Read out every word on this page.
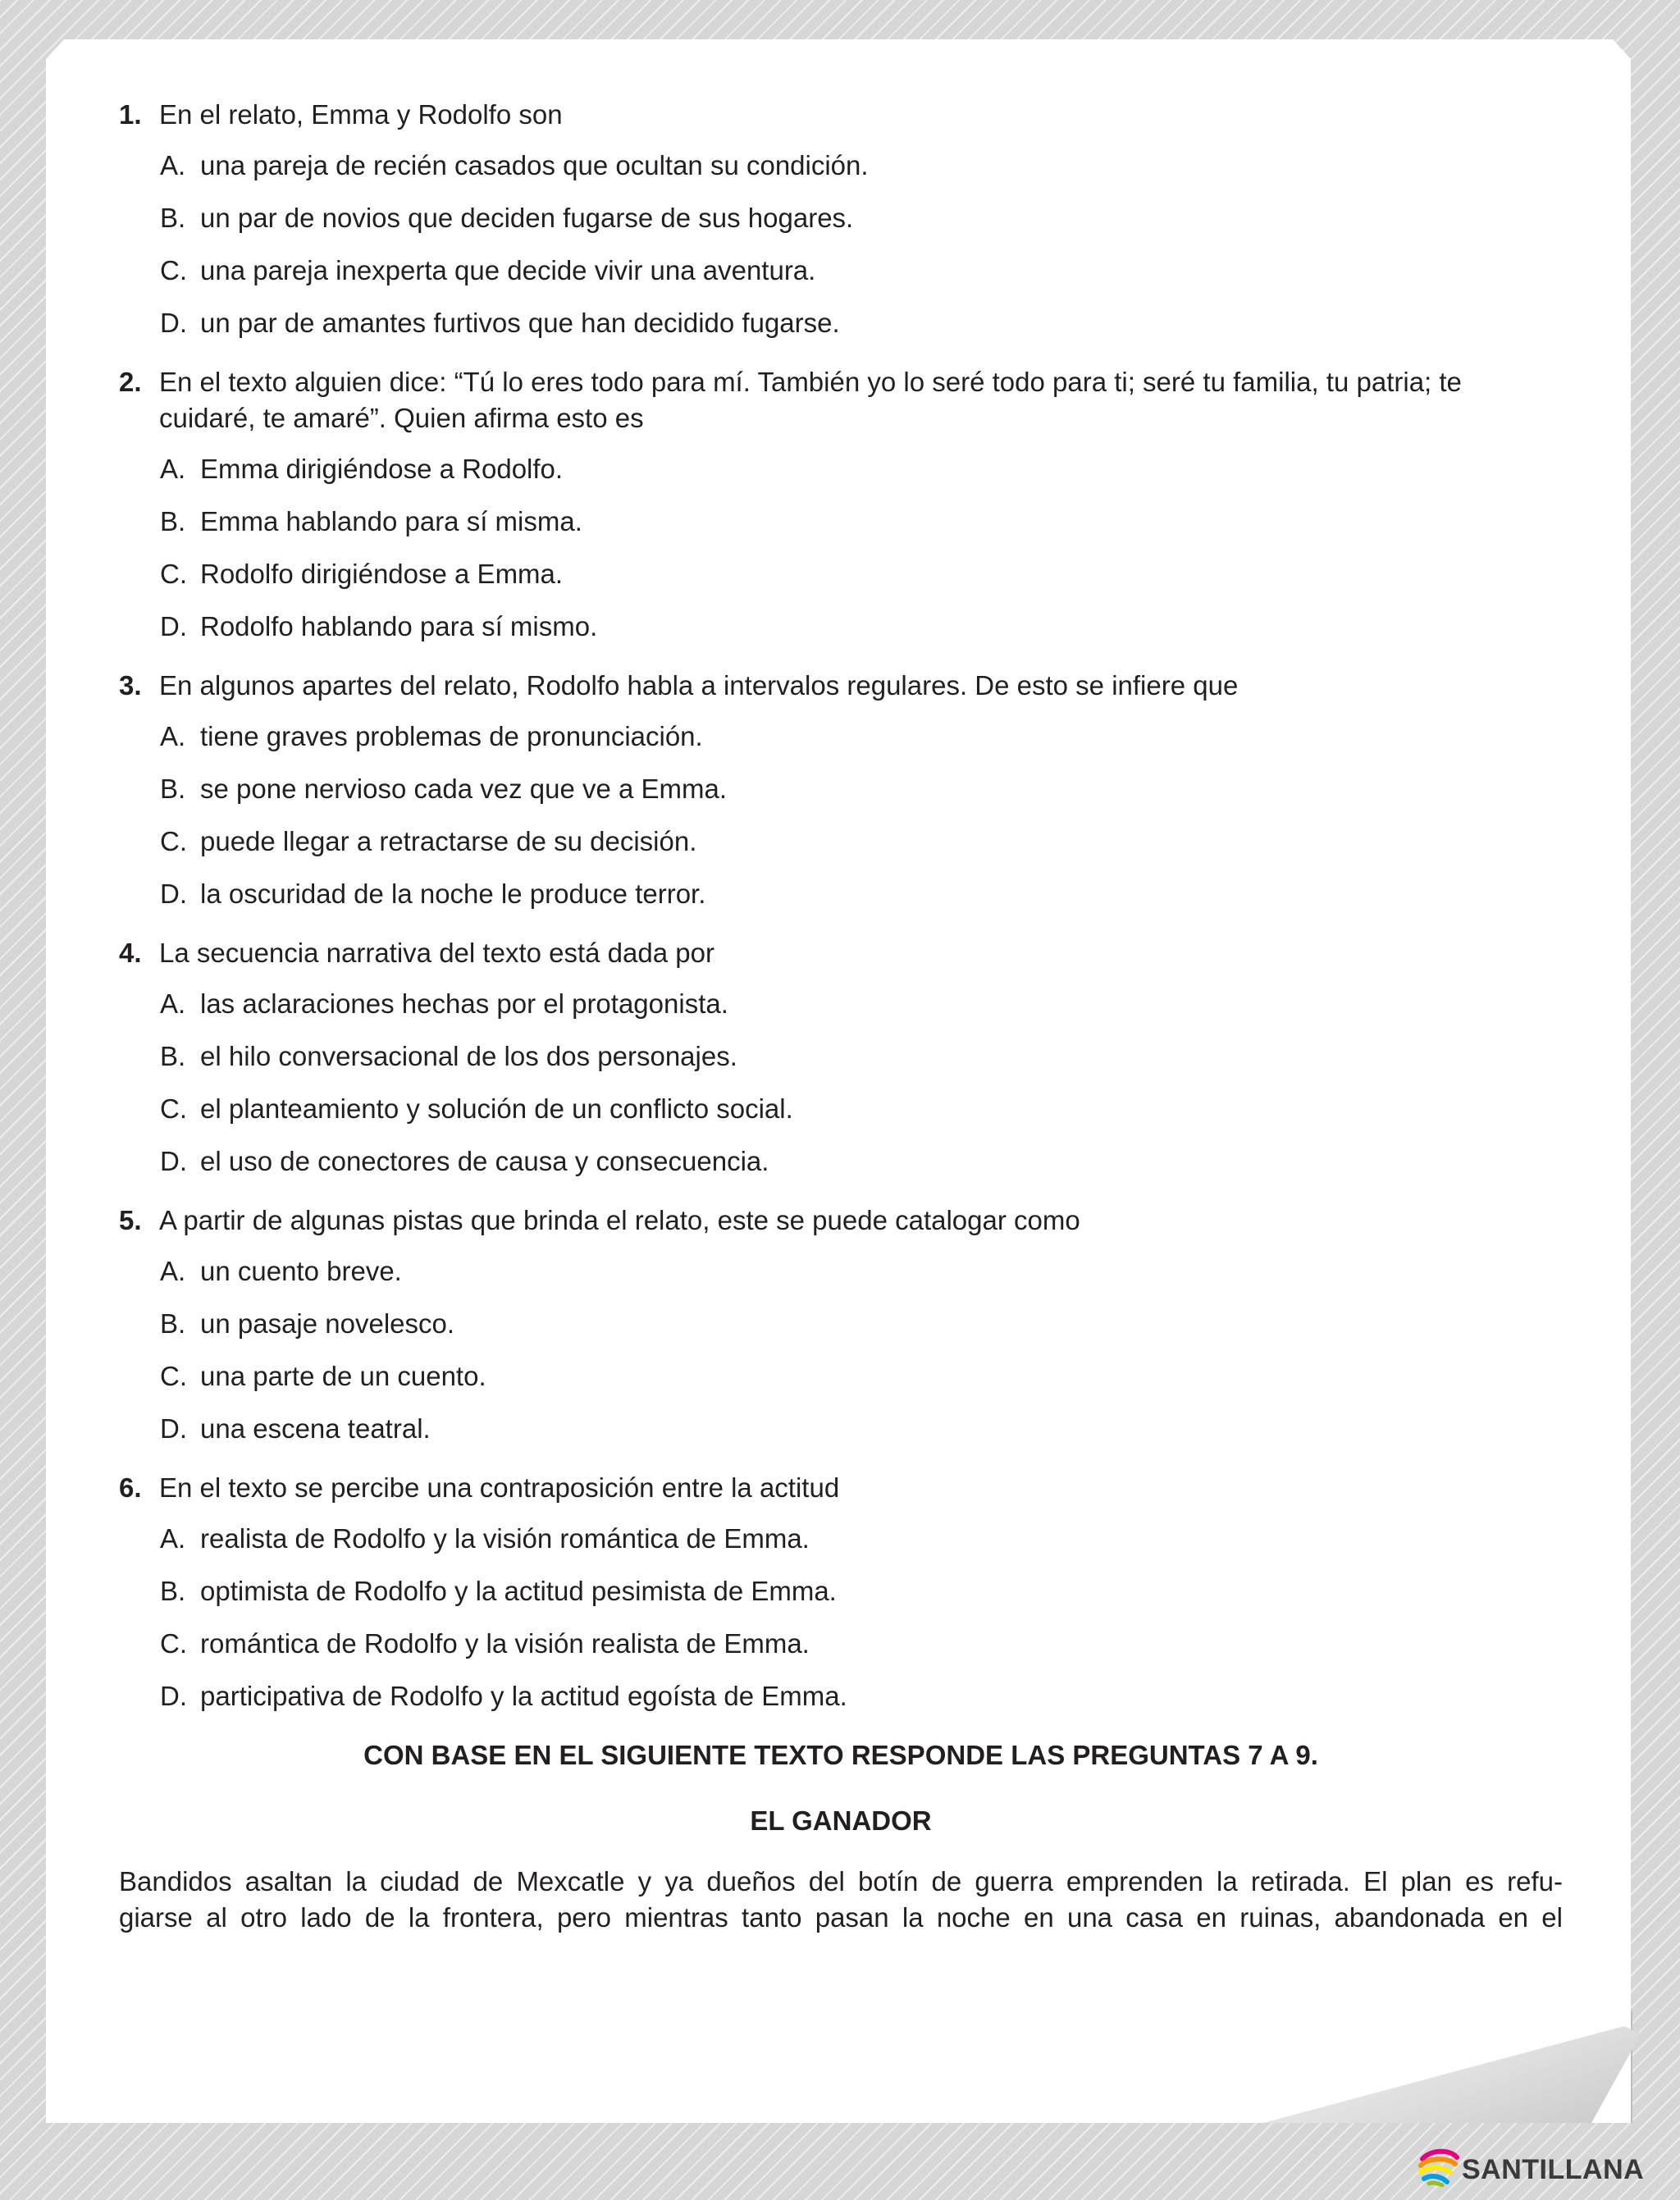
1. En el relato, Emma y Rodolfo son
A. una pareja de recién casados que ocultan su condición.
B. un par de novios que deciden fugarse de sus hogares.
C. una pareja inexperta que decide vivir una aventura.
D. un par de amantes furtivos que han decidido fugarse.
2. En el texto alguien dice: “Tú lo eres todo para mí. También yo lo seré todo para ti; seré tu familia, tu patria; te cuidaré, te amaré”. Quien afirma esto es
A. Emma dirigiéndose a Rodolfo.
B. Emma hablando para sí misma.
C. Rodolfo dirigiéndose a Emma.
D. Rodolfo hablando para sí mismo.
3. En algunos apartes del relato, Rodolfo habla a intervalos regulares. De esto se infiere que
A. tiene graves problemas de pronunciación.
B. se pone nervioso cada vez que ve a Emma.
C. puede llegar a retractarse de su decisión.
D. la oscuridad de la noche le produce terror.
4. La secuencia narrativa del texto está dada por
A. las aclaraciones hechas por el protagonista.
B. el hilo conversacional de los dos personajes.
C. el planteamiento y solución de un conflicto social.
D. el uso de conectores de causa y consecuencia.
5. A partir de algunas pistas que brinda el relato, este se puede catalogar como
A. un cuento breve.
B. un pasaje novelesco.
C. una parte de un cuento.
D. una escena teatral.
6. En el texto se percibe una contraposición entre la actitud
A. realista de Rodolfo y la visión romántica de Emma.
B. optimista de Rodolfo y la actitud pesimista de Emma.
C. romántica de Rodolfo y la visión realista de Emma.
D. participativa de Rodolfo y la actitud egoísta de Emma.
CON BASE EN EL SIGUIENTE TEXTO RESPONDE LAS PREGUNTAS 7 A 9.
EL GANADOR
Bandidos asaltan la ciudad de Mexcatle y ya dueños del botín de guerra emprenden la retirada. El plan es refu-
giarse al otro lado de la frontera, pero mientras tanto pasan la noche en una casa en ruinas, abandonada en el
SANTILLANA
